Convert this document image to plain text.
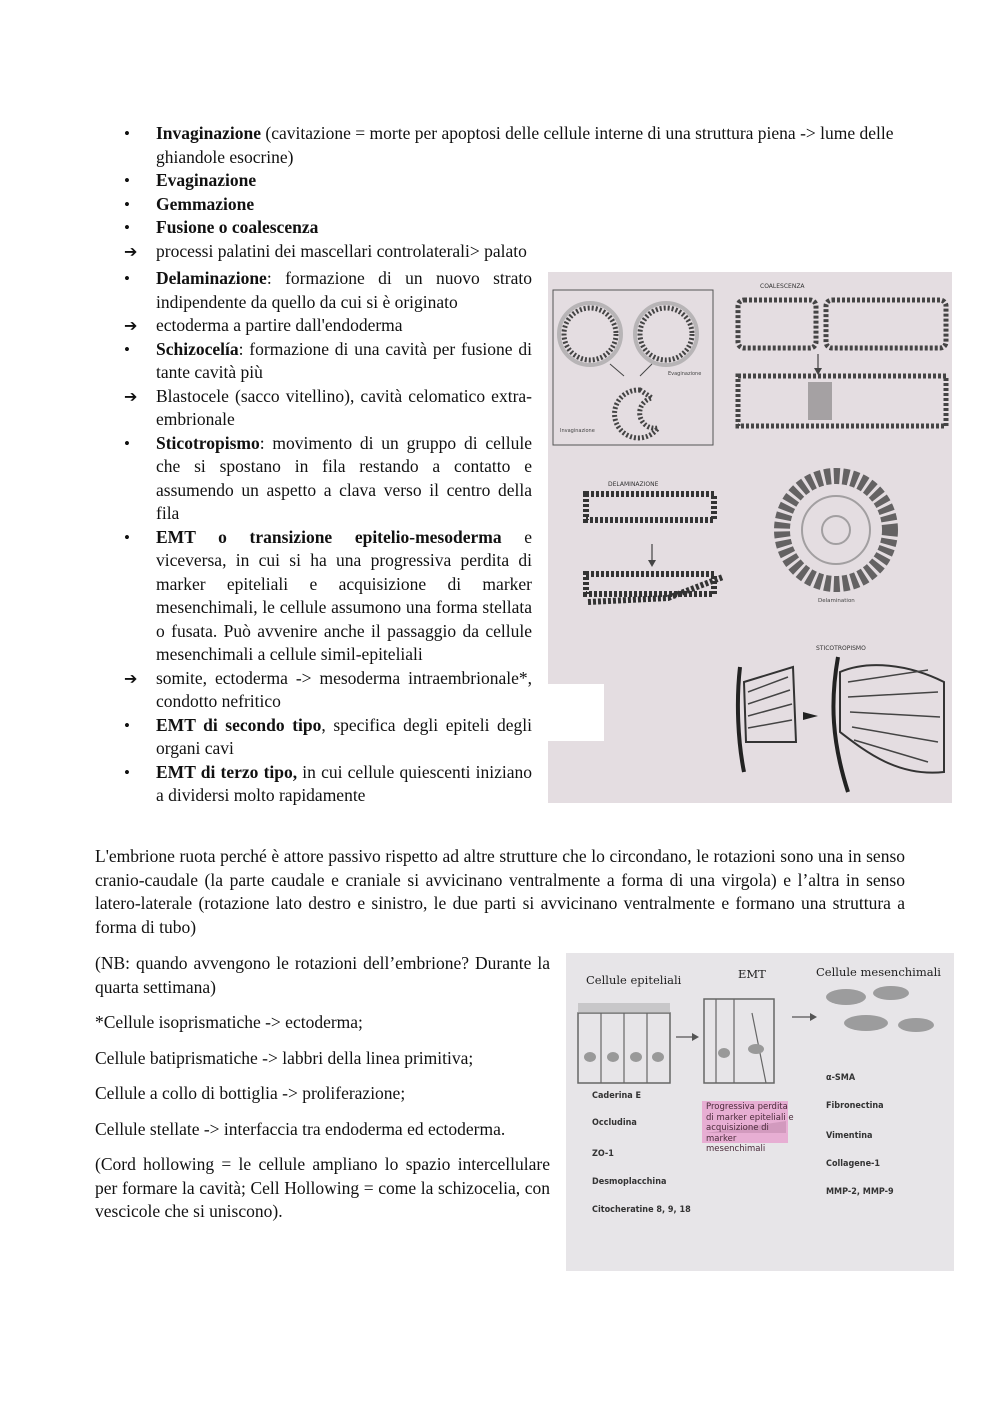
•
Invaginazione (cavitazione = morte per apoptosi delle cellule interne di una struttura piena -> lume delle ghiandole esocrine)
•
Evaginazione
•
Gemmazione
•
Fusione o coalescenza
➔
processi palatini dei mascellari controlaterali> palato
•
Delaminazione: formazione di un nuovo strato indipendente da quello da cui si è originato
➔
ectoderma a partire dall'endoderma
•
Schizocelía: formazione di una cavità per fusione di tante cavità più
➔
Blastocele (sacco vitellino), cavità celomatico extra-embrionale
•
Sticotropismo: movimento di un gruppo di cellule che si spostano in fila restando a contatto e assumendo un aspetto a clava verso il centro della fila
•
EMT o transizione epitelio-mesoderma e viceversa, in cui si ha una progressiva perdita di marker epiteliali e acquisizione di marker mesenchimali, le cellule assumono una forma stellata o fusata. Può avvenire anche il passaggio da cellule mesenchimali a cellule simil-epiteliali
➔
somite, ectoderma -> mesoderma intraembrionale*, condotto nefritico
•
EMT di secondo tipo, specifica degli epiteli degli organi cavi
•
EMT di terzo tipo, in cui cellule quiescenti iniziano a dividersi molto rapidamente
Evaginazione
Invaginazione
COALESCENZA
DELAMINAZIONE
Delamination
STICOTROPISMO

L'embrione ruota perché è attore passivo rispetto ad altre strutture che lo circondano, le rotazioni sono una in senso cranio-caudale (la parte caudale e craniale si avvicinano ventralmente a forma di una virgola) e l’altra in senso latero-laterale (rotazione lato destro e sinistro, le due parti si avvicinano ventralmente e formano una struttura a forma di tubo)

(NB: quando avvengono le rotazioni dell’embrione? Durante la quarta settimana)

*Cellule isoprismatiche -> ectoderma;

Cellule batiprismatiche -> labbri della linea primitiva;

Cellule a collo di bottiglia -> proliferazione;

Cellule stellate -> interfaccia tra endoderma ed ectoderma.

(Cord hollowing = le cellule ampliano lo spazio intercellulare per formare la cavità; Cell Hollowing = come la schizocelia, con vescicole che si uniscono).

Cellule epiteliali	EMT	Cellule mesenchimali
Caderina E
Occludina
ZO-1
Desmoplacchina
Citocheratine 8, 9, 18
Progressiva perdita di marker epiteliali e acquisizione di marker mesenchimali
α-SMA
Fibronectina
Vimentina
Collagene-1
MMP-2, MMP-9
